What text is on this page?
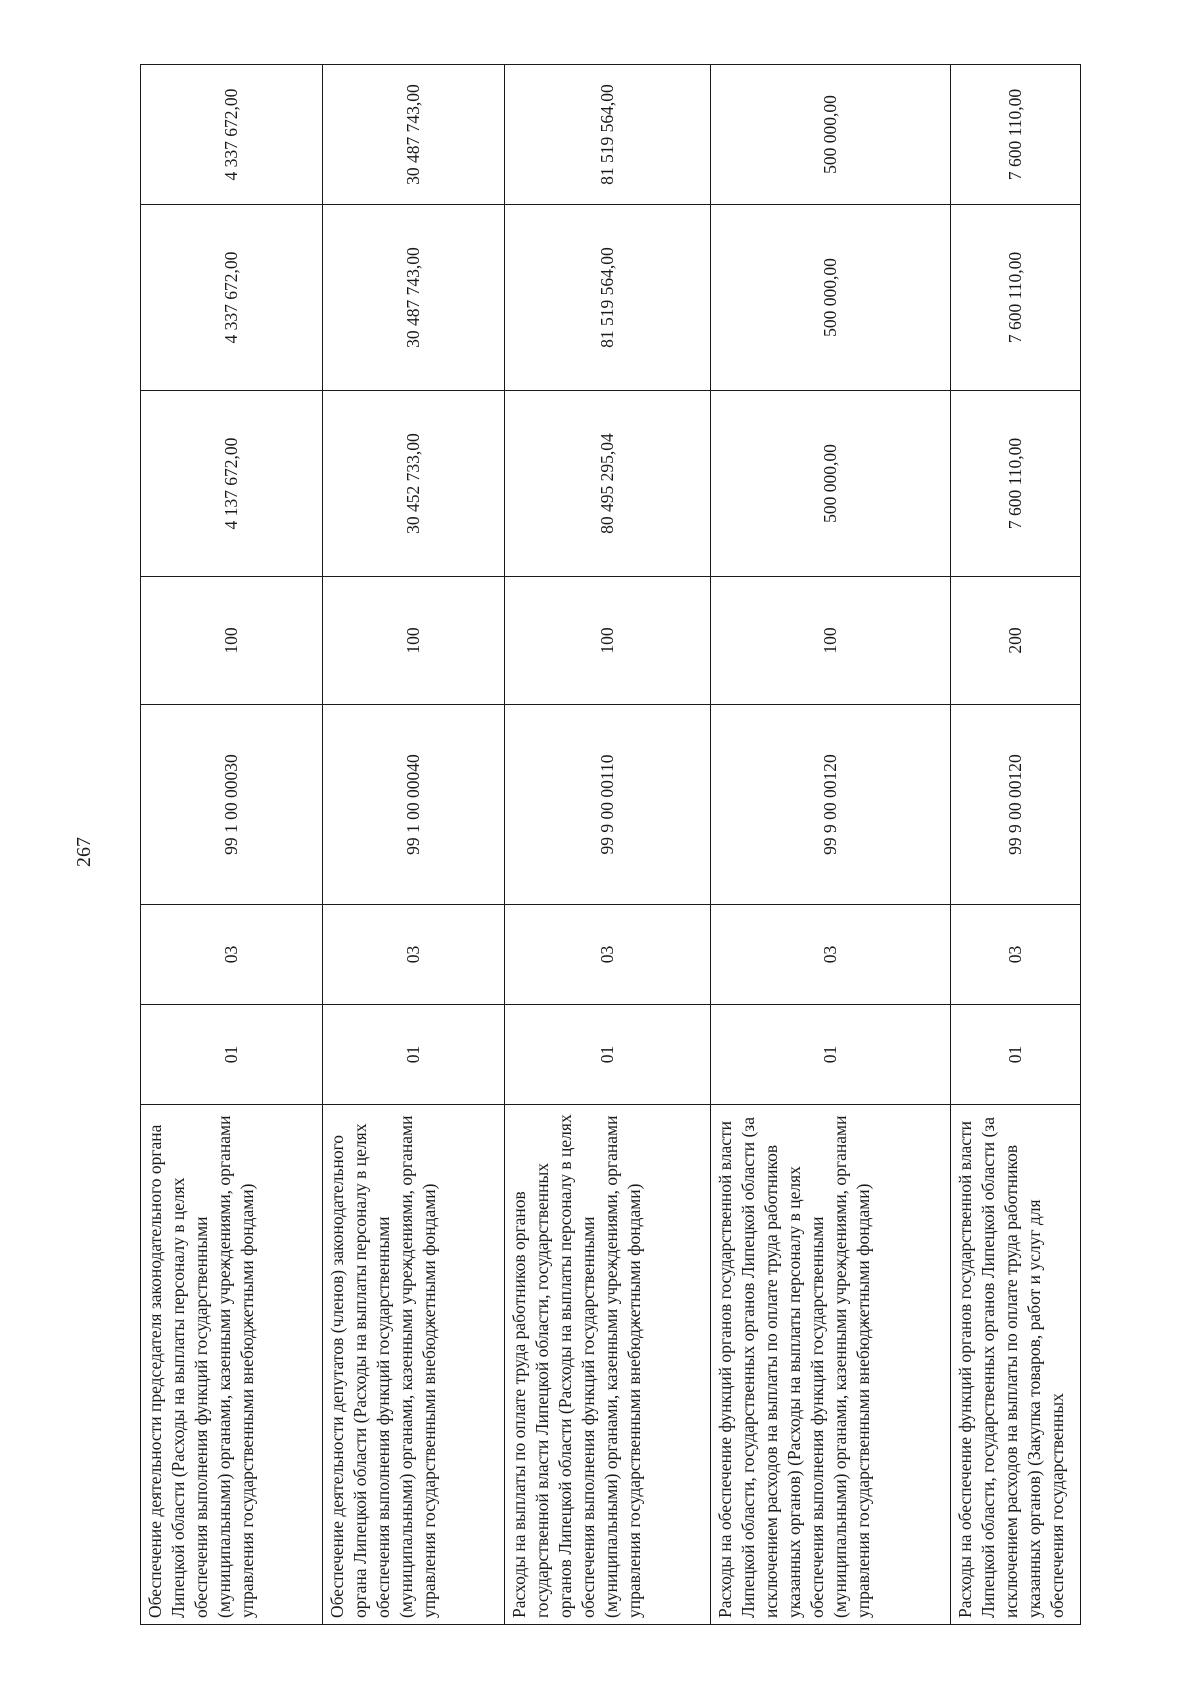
267
Обеспечение деятельности председателя законодательного органа Липецкой области (Расходы на выплаты персоналу в целях обеспечения выполнения функций государственными (муниципальными) органами, казенными учреждениями, органами управления государственными внебюджетными фондами)	01	03	99 1 00 00030	100	4 137 672,00	4 337 672,00	4 337 672,00
Обеспечение деятельности депутатов (членов) законодательного органа Липецкой области (Расходы на выплаты персоналу в целях обеспечения выполнения функций государственными (муниципальными) органами, казенными учреждениями, органами управления государственными внебюджетными фондами)	01	03	99 1 00 00040	100	30 452 733,00	30 487 743,00	30 487 743,00
Расходы на выплаты по оплате труда работников органов государственной власти Липецкой области, государственных органов Липецкой области (Расходы на выплаты персоналу в целях обеспечения выполнения функций государственными (муниципальными) органами, казенными учреждениями, органами управления государственными внебюджетными фондами)	01	03	99 9 00 00110	100	80 495 295,04	81 519 564,00	81 519 564,00
Расходы на обеспечение функций органов государственной власти Липецкой области, государственных органов Липецкой области (за исключением расходов на выплаты по оплате труда работников указанных органов) (Расходы на выплаты персоналу в целях обеспечения выполнения функций государственными (муниципальными) органами, казенными учреждениями, органами управления государственными внебюджетными фондами)	01	03	99 9 00 00120	100	500 000,00	500 000,00	500 000,00
Расходы на обеспечение функций органов государственной власти Липецкой области, государственных органов Липецкой области (за исключением расходов на выплаты по оплате труда работников указанных органов) (Закупка товаров, работ и услуг для обеспечения государственных	01	03	99 9 00 00120	200	7 600 110,00	7 600 110,00	7 600 110,00
